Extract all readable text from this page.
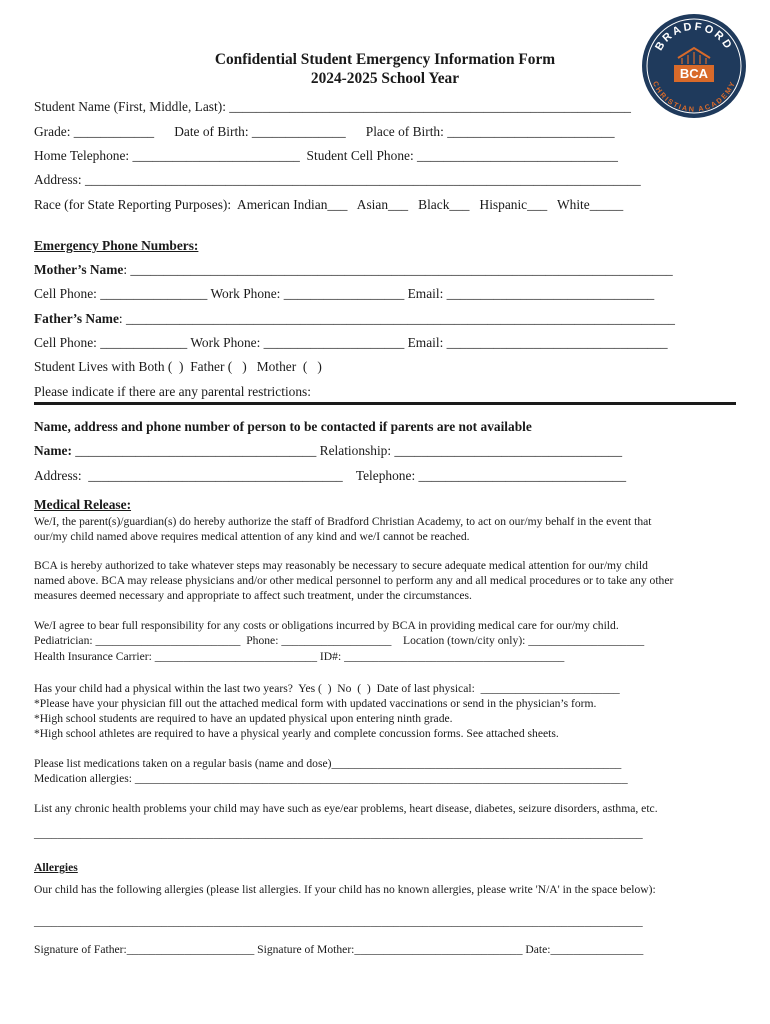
BRADFORD
CHRISTIAN ACADEMY
BCA
Confidential Student Emergency Information Form
2024-2025 School Year
Student Name (First, Middle, Last): ____________________________________________________________
Grade: ____________      Date of Birth: ______________      Place of Birth: _________________________
Home Telephone: _________________________  Student Cell Phone: ______________________________
Address: ___________________________________________________________________________________
Race (for State Reporting Purposes):  American Indian___   Asian___   Black___   Hispanic___   White_____
Emergency Phone Numbers:
Mother’s Name: _________________________________________________________________________________
Cell Phone: ________________ Work Phone: __________________ Email: _______________________________
Father’s Name: __________________________________________________________________________________
Cell Phone: _____________ Work Phone: _____________________ Email: _________________________________
Student Lives with Both (  )  Father (   )   Mother  (   )
Please indicate if there are any parental restrictions:
Name, address and phone number of person to be contacted if parents are not available
Name: ____________________________________ Relationship: __________________________________
Address:  ______________________________________    Telephone: _______________________________
Medical Release:
We/I, the parent(s)/guardian(s) do hereby authorize the staff of Bradford Christian Academy, to act on our/my behalf in the event that
our/my child named above requires medical attention of any kind and we/I cannot be reached.
BCA is hereby authorized to take whatever steps may reasonably be necessary to secure adequate medical attention for our/my child
named above. BCA may release physicians and/or other medical personnel to perform any and all medical procedures or to take any other
measures deemed necessary and appropriate to affect such treatment, under the circumstances.
We/I agree to bear full responsibility for any costs or obligations incurred by BCA in providing medical care for our/my child.
Pediatrician: _________________________  Phone: ___________________    Location (town/city only): ____________________
Health Insurance Carrier: ____________________________ ID#: ______________________________________
Has your child had a physical within the last two years?  Yes (  )  No  (  )  Date of last physical:  ________________________
*Please have your physician fill out the attached medical form with updated vaccinations or send in the physician’s form.
*High school students are required to have an updated physical upon entering ninth grade.
*High school athletes are required to have a physical yearly and complete concussion forms. See attached sheets.
Please list medications taken on a regular basis (name and dose)__________________________________________________
Medication allergies: _____________________________________________________________________________________
List any chronic health problems your child may have such as eye/ear problems, heart disease, diabetes, seizure disorders, asthma, etc.
_________________________________________________________________________________________________________
Allergies
Our child has the following allergies (please list allergies. If your child has no known allergies, please write 'N/A' in the space below):
_________________________________________________________________________________________________________
Signature of Father:______________________ Signature of Mother:_____________________________ Date:________________
